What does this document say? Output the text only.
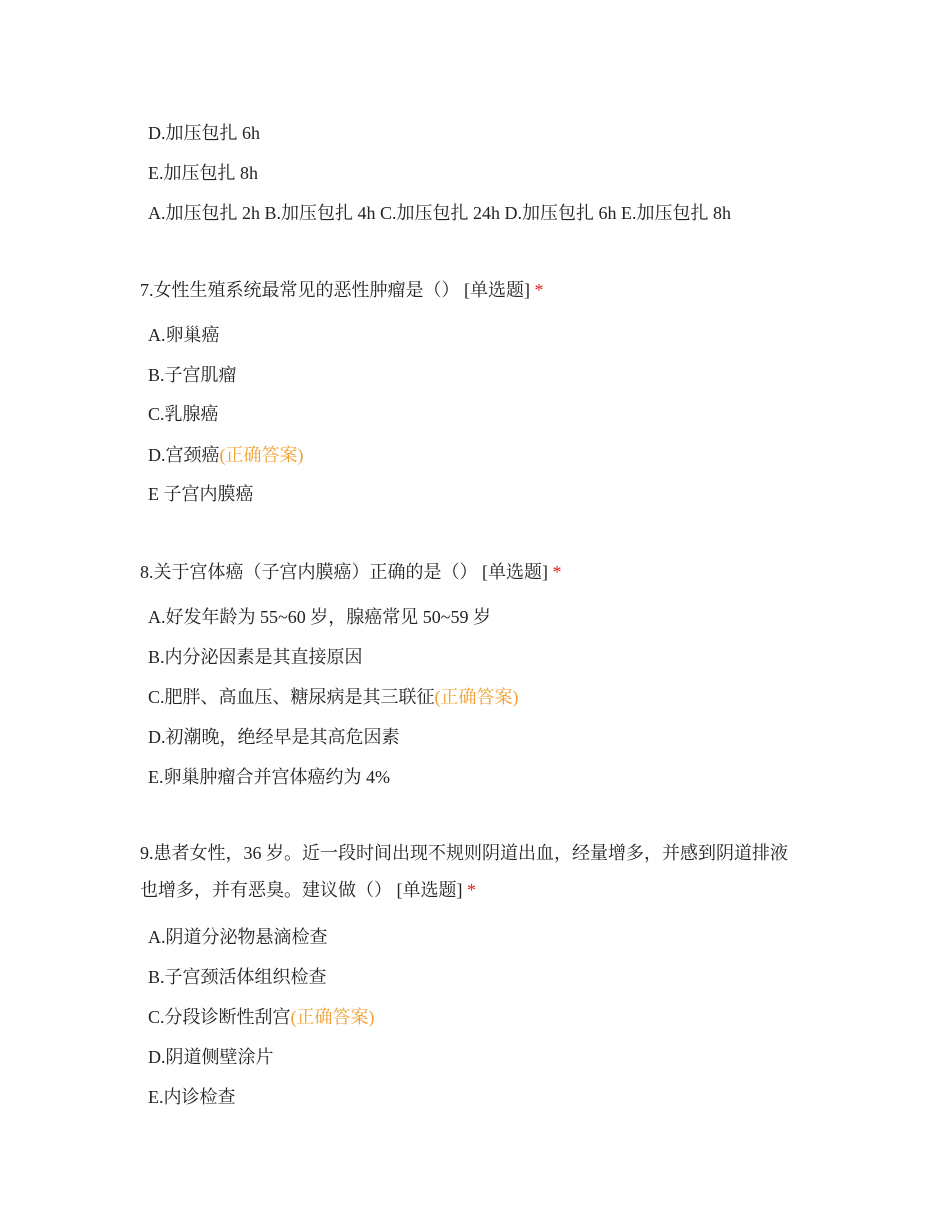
D.加压包扎 6h
E.加压包扎 8h
A.加压包扎 2h B.加压包扎 4h C.加压包扎 24h D.加压包扎 6h E.加压包扎 8h
7.女性生殖系统最常见的恶性肿瘤是（） [单选题] *
A.卵巢癌
B.子宫肌瘤
C.乳腺癌
D.宫颈癌(正确答案)
E 子宫内膜癌
8.关于宫体癌（子宫内膜癌）正确的是（） [单选题] *
A.好发年龄为 55~60 岁，腺癌常见 50~59 岁
B.内分泌因素是其直接原因
C.肥胖、高血压、糖尿病是其三联征(正确答案)
D.初潮晚，绝经早是其高危因素
E.卵巢肿瘤合并宫体癌约为 4%
9.患者女性，36 岁。近一段时间出现不规则阴道出血，经量增多，并感到阴道排液
也增多，并有恶臭。建议做（） [单选题] *
A.阴道分泌物悬滴检查
B.子宫颈活体组织检查
C.分段诊断性刮宫(正确答案)
D.阴道侧壁涂片
E.内诊检查
